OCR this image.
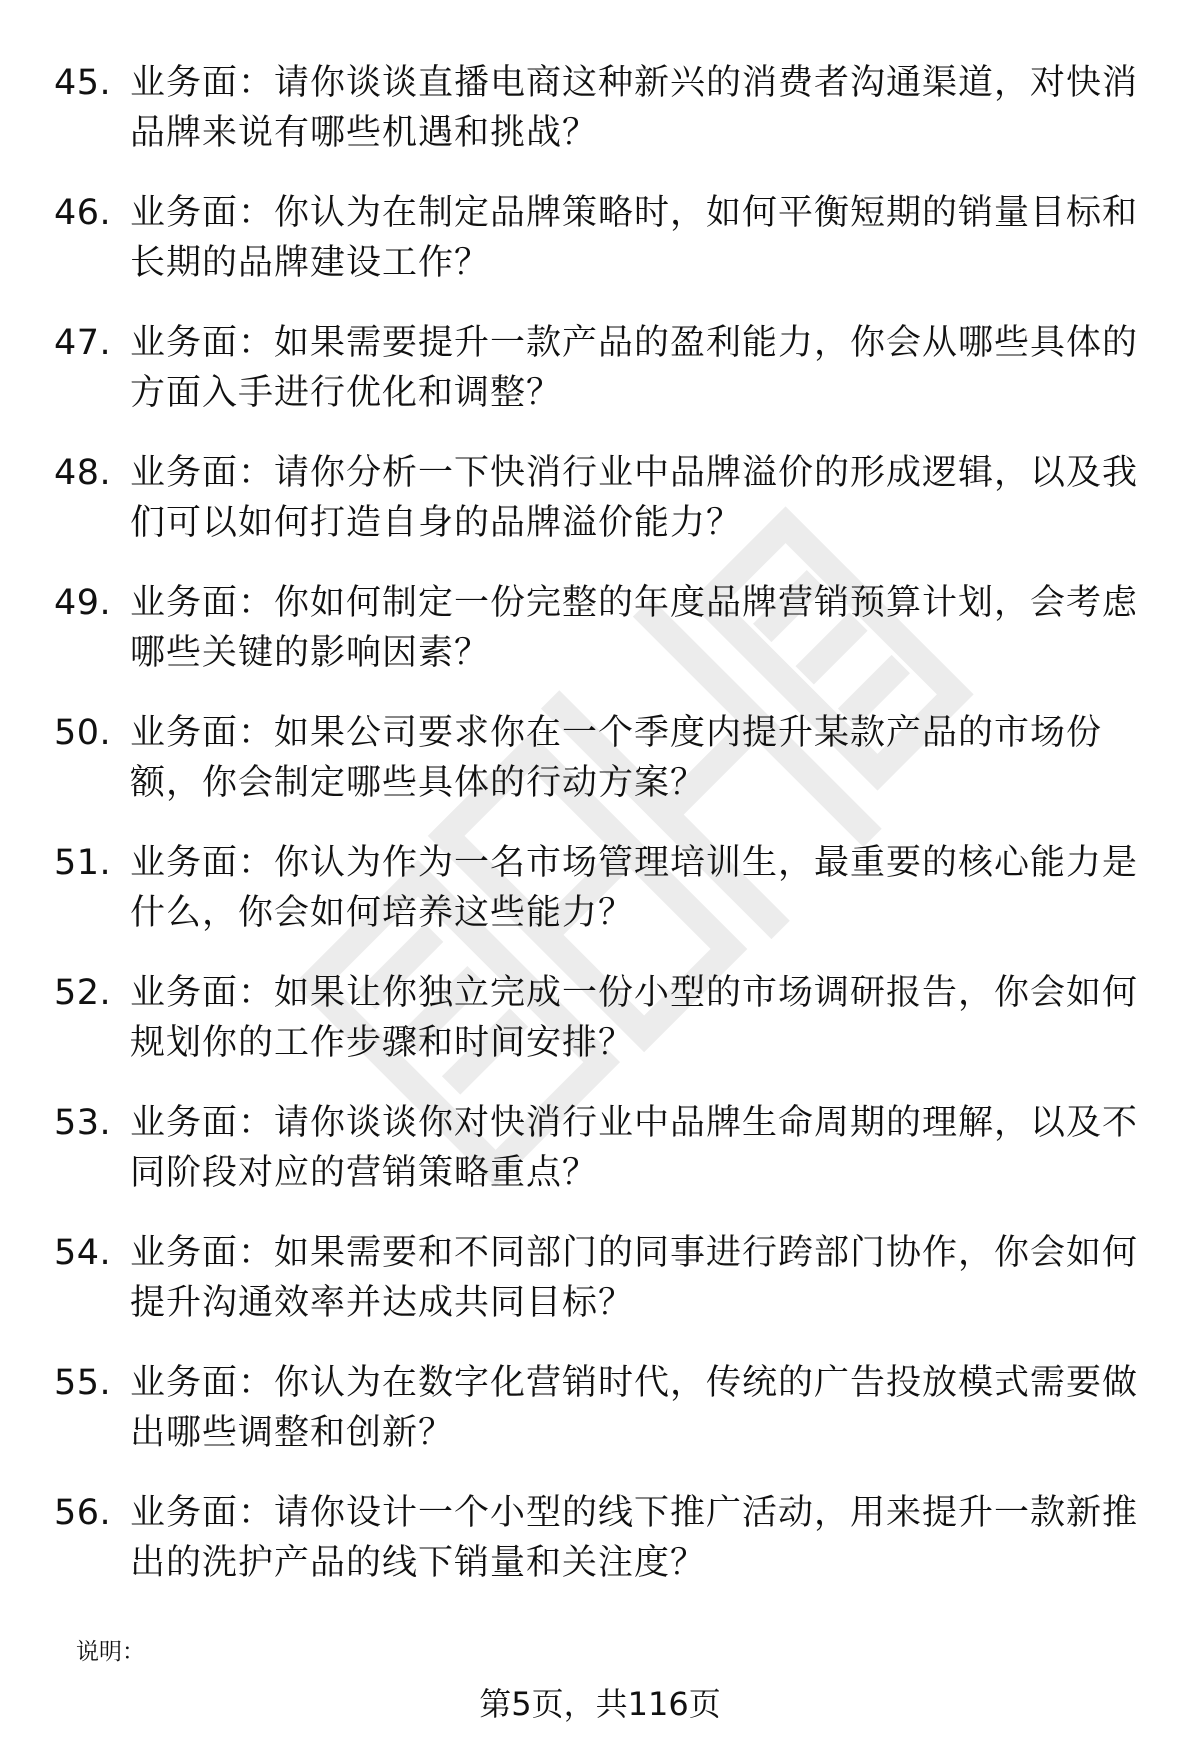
45. 业务面：请你谈谈直播电商这种新兴的消费者沟通渠道，对快消品牌来说有哪些机遇和挑战？
46. 业务面：你认为在制定品牌策略时，如何平衡短期的销量目标和长期的品牌建设工作？
47. 业务面：如果需要提升一款产品的盈利能力，你会从哪些具体的方面入手进行优化和调整？
48. 业务面：请你分析一下快消行业中品牌溢价的形成逻辑，以及我们可以如何打造自身的品牌溢价能力？
49. 业务面：你如何制定一份完整的年度品牌营销预算计划，会考虑哪些关键的影响因素？
50. 业务面：如果公司要求你在一个季度内提升某款产品的市场份额，你会制定哪些具体的行动方案？
51. 业务面：你认为作为一名市场管理培训生，最重要的核心能力是什么，你会如何培养这些能力？
52. 业务面：如果让你独立完成一份小型的市场调研报告，你会如何规划你的工作步骤和时间安排？
53. 业务面：请你谈谈你对快消行业中品牌生命周期的理解，以及不同阶段对应的营销策略重点？
54. 业务面：如果需要和不同部门的同事进行跨部门协作，你会如何提升沟通效率并达成共同目标？
55. 业务面：你认为在数字化营销时代，传统的广告投放模式需要做出哪些调整和创新？
56. 业务面：请你设计一个小型的线下推广活动，用来提升一款新推出的洗护产品的线下销量和关注度？
说明：
第5页，共116页
